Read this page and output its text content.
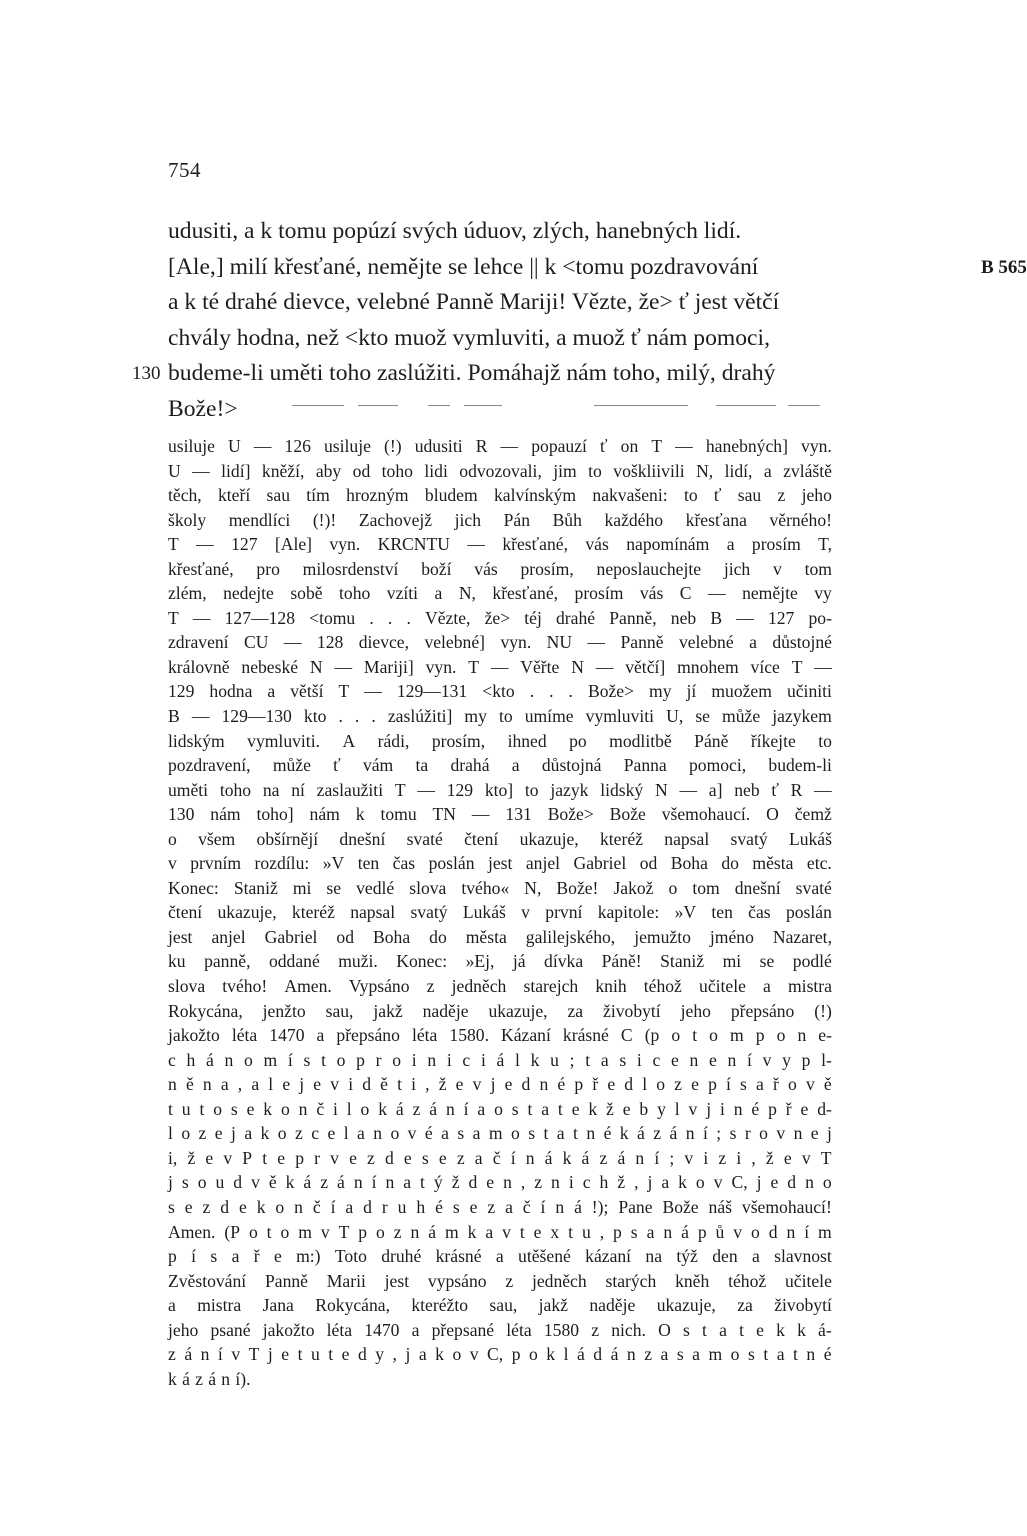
754
udusiti, a k tomu popúzí svých úduov, zlých, hanebných lidí.
[Ale,] milí křesťané, nemějte se lehce || k <tomu pozdravování	B 565
a k té drahé dievce, velebné Panně Mariji! Vězte, že> ť jest větčí
chvály hodna, než <kto muož vymluviti, a muož ť nám pomoci,
budeme-li uměti toho zaslúžiti. Pomáhajž nám toho, milý, drahý
130
Bože!>
usiluje U — 126 usiluje (!) udusiti R — popauzí ť on T — hanebných] vyn.
U — lidí] kněží, aby od toho lidi odvozovali, jim to voškliivili N, lidí, a zvláště
těch, kteří sau tím hrozným bludem kalvínským nakvašeni: to ť sau z jeho
školy mendlíci (!)! Zachovejž jich Pán Bůh každého křesťana věrného!
T — 127 [Ale] vyn. KRCNTU — křesťané, vás napomínám a prosím T,
křesťané, pro milosrdenství boží vás prosím, neposlauchejte jich v tom
zlém, nedejte sobě toho vzíti a N, křesťané, prosím vás C — nemějte vy
T — 127—128 <tomu . . . Vězte, že> téj drahé Panně, neb B — 127 po-
zdravení CU — 128 dievce, velebné] vyn. NU — Panně velebné a důstojné
královně nebeské N — Mariji] vyn. T — Věřte N — větčí] mnohem více T —
129 hodna a větší T — 129—131 <kto . . . Bože> my jí muožem učiniti
B — 129—130 kto . . . zaslúžiti] my to umíme vymluviti U, se může jazykem
lidským vymluviti. A rádi, prosím, ihned po modlitbě Páně říkejte to
pozdravení, může ť vám ta drahá a důstojná Panna pomoci, budem-li
uměti toho na ní zaslaužiti T — 129 kto] to jazyk lidský N — a] neb ť R —
130 nám toho] nám k tomu TN — 131 Bože> Bože všemohaucí. O čemž
o všem obšírnějí dnešní svaté čtení ukazuje, kteréž napsal svatý Lukáš
v prvním rozdílu: »V ten čas poslán jest anjel Gabriel od Boha do města etc.
Konec: Staniž mi se vedlé slova tvého« N, Bože! Jakož o tom dnešní svaté
čtení ukazuje, kteréž napsal svatý Lukáš v první kapitole: »V ten čas poslán
jest anjel Gabriel od Boha do města galilejského, jemužto jméno Nazaret,
ku panně, oddané muži. Konec: »Ej, já dívka Páně! Staniž mi se podlé
slova tvého! Amen. Vypsáno z jedněch starejch knih téhož učitele a mistra
Rokycána, jenžto sau, jakž naděje ukazuje, za živobytí jeho přepsáno (!)
jakožto léta 1470 a přepsáno léta 1580. Kázaní krásné C (p o t o m p o n e-
c h á n o m í s t o p r o i n i c i á l k u ; t a s i c e n e n í v y p l-
n ě n a , a l e j e v i d ě t i , ž e v j e d n é p ř e d l o z e p í s a ř o v ě
t u t o s e k o n č i l o k á z á n í a o s t a t e k ž e b y l v j i n é p ř e d-
l o z e j a k o z c e l a n o v é a s a m o s t a t n é k á z á n í ; s r o v n e j
i, ž e v P t e p r v e z d e s e z a č í n á k á z á n í ; v i z i , ž e v T
j s o u d v ě k á z á n í n a t ý ž d e n , z n i c h ž , j a k o v C, j e d n o
s e z d e k o n č í a d r u h é s e z a č í n á !); Pane Bože náš všemohaucí!
Amen. (P o t o m v T p o z n á m k a v t e x t u , p s a n á p ů v o d n í m
p í s a ř e m:) Toto druhé krásné a utěšené kázaní na týž den a slavnost
Zvěstování Panně Marii jest vypsáno z jedněch starých kněh téhož učitele
a mistra Jana Rokycána, kteréžto sau, jakž naděje ukazuje, za živobytí
jeho psané jakožto léta 1470 a přepsané léta 1580 z nich. O s t a t e k k á-
z á n í v T j e t u t e d y , j a k o v C, p o k l á d á n z a s a m o s t a t n é
k á z á n í).
